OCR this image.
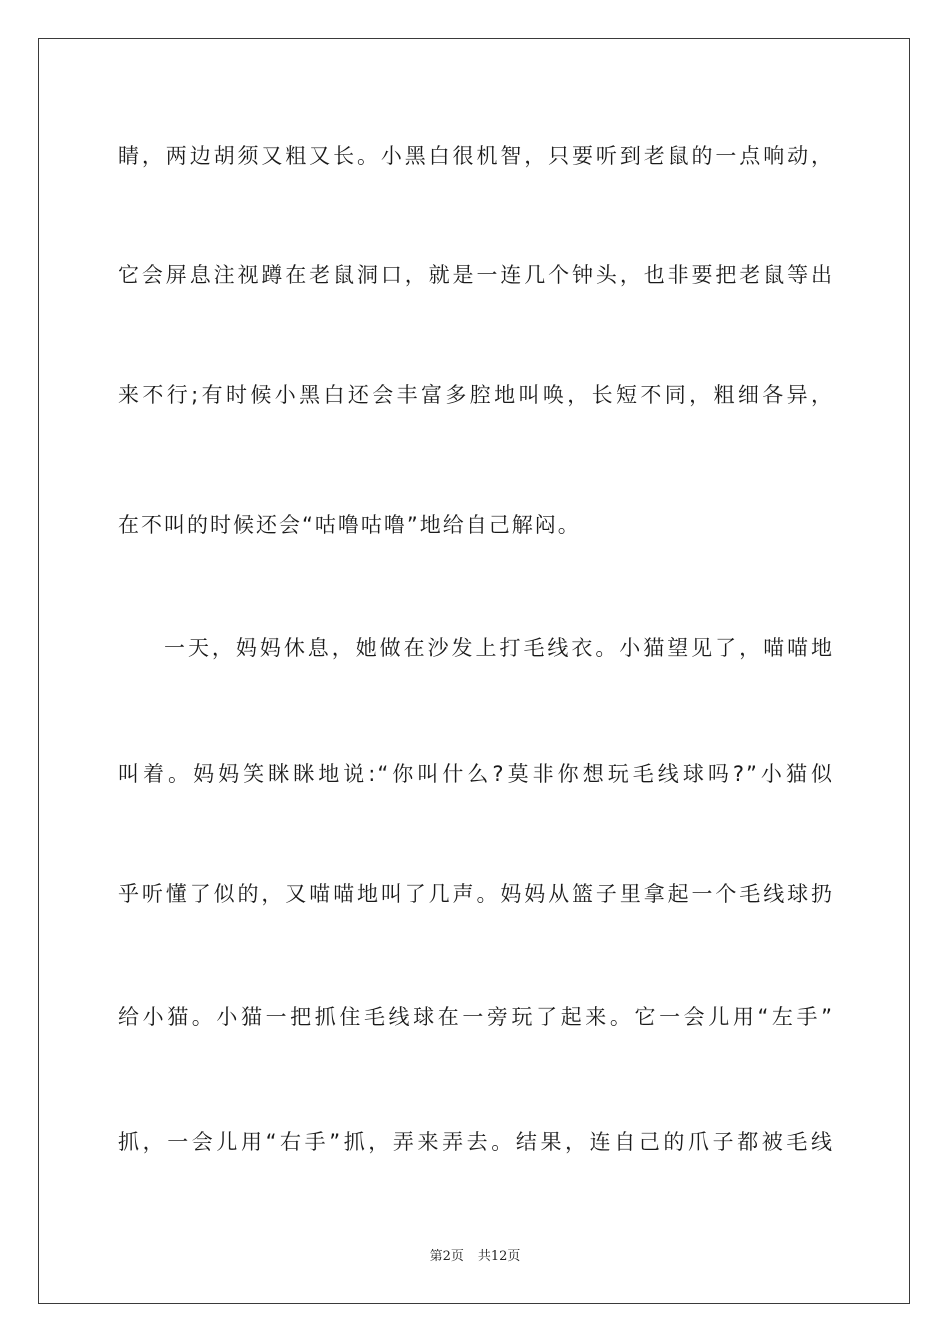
睛，两边胡须又粗又长。小黑白很机智，只要听到老鼠的一点响动，
它会屏息注视蹲在老鼠洞口，就是一连几个钟头，也非要把老鼠等出
来不行;有时候小黑白还会丰富多腔地叫唤，长短不同，粗细各异，
在不叫的时候还会“咕噜咕噜”地给自己解闷。
一天，妈妈休息，她做在沙发上打毛线衣。小猫望见了，喵喵地
叫着。妈妈笑眯眯地说:“你叫什么?莫非你想玩毛线球吗?”小猫似
乎听懂了似的，又喵喵地叫了几声。妈妈从篮子里拿起一个毛线球扔
给小猫。小猫一把抓住毛线球在一旁玩了起来。它一会儿用“左手”
抓，一会儿用“右手”抓，弄来弄去。结果，连自己的爪子都被毛线
第2页 共12页
